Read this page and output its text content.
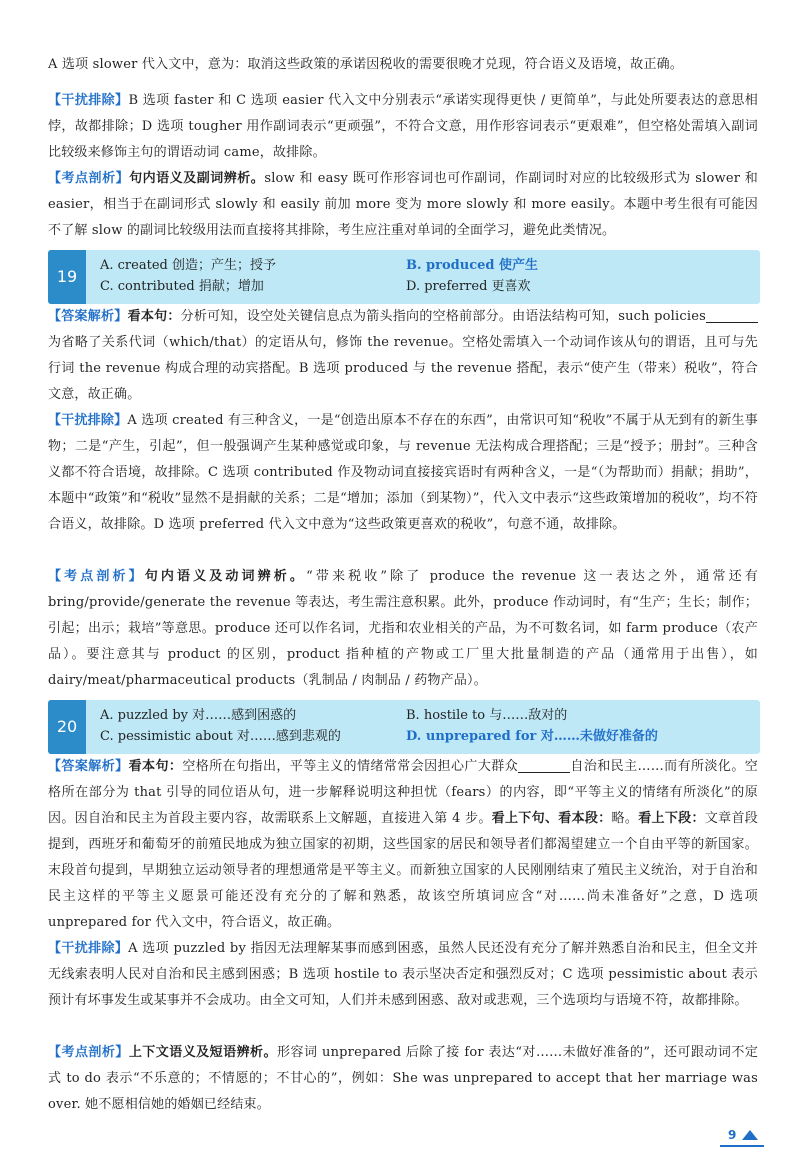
A 选项 slower 代入文中，意为：取消这些政策的承诺因税收的需要很晚才兑现，符合语义及语境，故正确。

【干扰排除】B 选项 faster 和 C 选项 easier 代入文中分别表示“承诺实现得更快 / 更简单”，与此处所要表达的意思相悖，故都排除；D 选项 tougher 用作副词表示“更顽强”，不符合文意，用作形容词表示“更艰难”，但空格处需填入副词比较级来修饰主句的谓语动词 came，故排除。

【考点剖析】句内语义及副词辨析。slow 和 easy 既可作形容词也可作副词，作副词时对应的比较级形式为 slower 和 easier，相当于在副词形式 slowly 和 easily 前加 more 变为 more slowly 和 more easily。本题中考生很有可能因不了解 slow 的副词比较级用法而直接将其排除，考生应注重对单词的全面学习，避免此类情况。

19
A. created 创造；产生；授予	B. produced 使产生
C. contributed 捐献；增加	D. preferred 更喜欢

【答案解析】看本句：分析可知，设空处关键信息点为箭头指向的空格前部分。由语法结构可知，such policies为省略了关系代词（which/that）的定语从句，修饰 the revenue。空格处需填入一个动词作该从句的谓语，且可与先行词 the revenue 构成合理的动宾搭配。B 选项 produced 与 the revenue 搭配，表示“使产生（带来）税收”，符合文意，故正确。

【干扰排除】A 选项 created 有三种含义，一是“创造出原本不存在的东西”，由常识可知“税收”不属于从无到有的新生事物；二是“产生，引起”，但一般强调产生某种感觉或印象，与 revenue 无法构成合理搭配；三是“授予；册封”。三种含义都不符合语境，故排除。C 选项 contributed 作及物动词直接接宾语时有两种含义，一是“（为帮助而）捐献；捐助”，本题中“政策”和“税收”显然不是捐献的关系；二是“增加；添加（到某物）”，代入文中表示“这些政策增加的税收”，均不符合语义，故排除。D 选项 preferred 代入文中意为“这些政策更喜欢的税收”，句意不通，故排除。

【考点剖析】句内语义及动词辨析。“带来税收”除了 produce the revenue 这一表达之外，通常还有 bring/provide/generate the revenue 等表达，考生需注意积累。此外，produce 作动词时，有“生产；生长；制作；引起；出示；栽培”等意思。produce 还可以作名词，尤指和农业相关的产品，为不可数名词，如 farm produce（农产品）。要注意其与 product 的区别，product 指种植的产物或工厂里大批量制造的产品（通常用于出售），如 dairy/meat/pharmaceutical products（乳制品 / 肉制品 / 药物产品）。

20
A. puzzled by 对……感到困惑的	B. hostile to 与……敌对的
C. pessimistic about 对……感到悲观的	D. unprepared for 对……未做好准备的

【答案解析】看本句：空格所在句指出，平等主义的情绪常常会因担心广大群众	自治和民主……而有所淡化。空格所在部分为 that 引导的同位语从句，进一步解释说明这种担忧（fears）的内容，即“平等主义的情绪有所淡化”的原因。因自治和民主为首段主要内容，故需联系上文解题，直接进入第 4 步。看上下句、看本段：略。看上下段：文章首段提到，西班牙和葡萄牙的前殖民地成为独立国家的初期，这些国家的居民和领导者们都渴望建立一个自由平等的新国家。末段首句提到，早期独立运动领导者的理想通常是平等主义。而新独立国家的人民刚刚结束了殖民主义统治，对于自治和民主这样的平等主义愿景可能还没有充分的了解和熟悉，故该空所填词应含“对……尚未准备好”之意，D 选项 unprepared for 代入文中，符合语义，故正确。

【干扰排除】A 选项 puzzled by 指因无法理解某事而感到困惑，虽然人民还没有充分了解并熟悉自治和民主，但全文并无线索表明人民对自治和民主感到困惑；B 选项 hostile to 表示坚决否定和强烈反对；C 选项 pessimistic about 表示预计有坏事发生或某事并不会成功。由全文可知，人们并未感到困惑、敌对或悲观，三个选项均与语境不符，故都排除。

【考点剖析】上下文语义及短语辨析。形容词 unprepared 后除了接 for 表达“对……未做好准备的”，还可跟动词不定式 to do 表示“不乐意的；不情愿的；不甘心的”，例如：She was unprepared to accept that her marriage was over. 她不愿相信她的婚姻已经结束。

9
